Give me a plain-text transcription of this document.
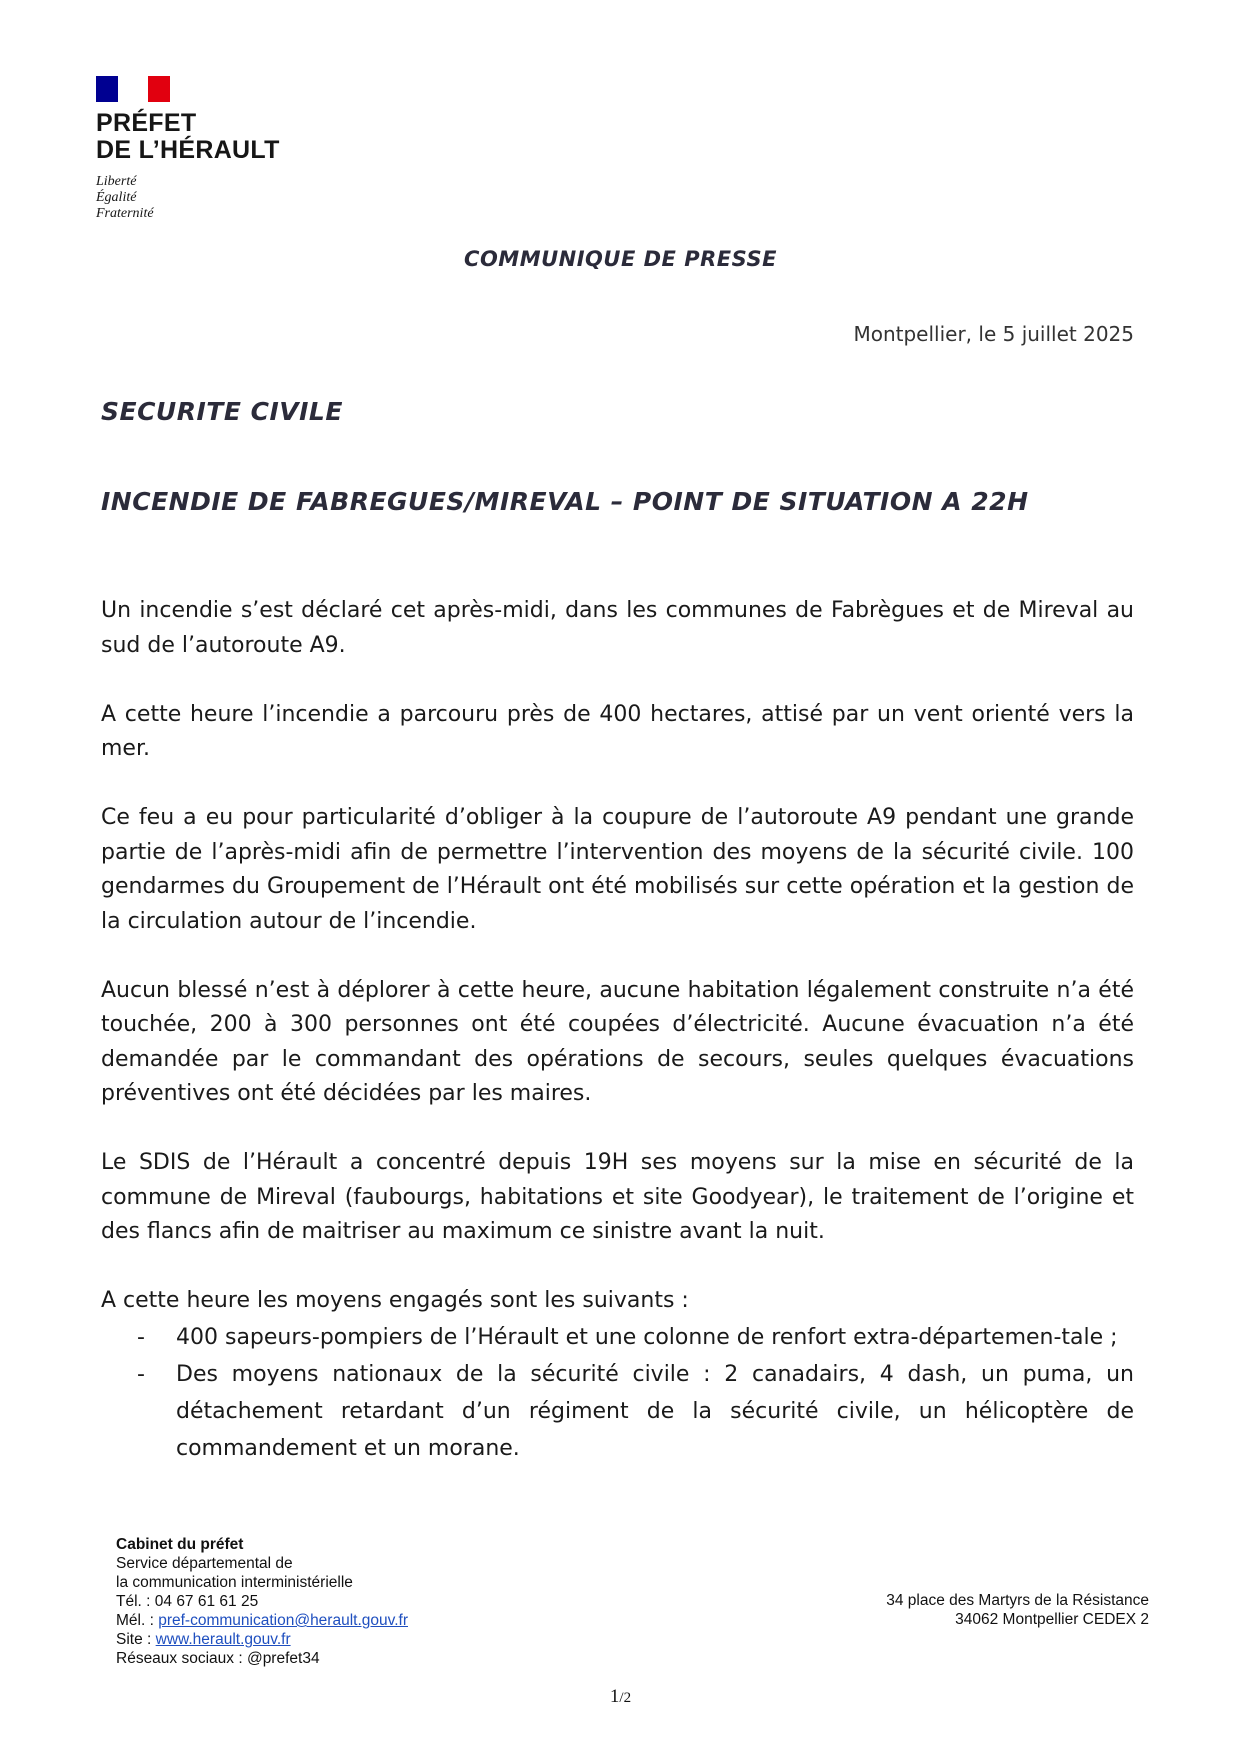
PRÉFET
DE L’HÉRAULT
Liberté
Égalité
Fraternité
COMMUNIQUE DE PRESSE
Montpellier, le 5 juillet 2025
SECURITE CIVILE
INCENDIE DE FABREGUES/MIREVAL – POINT DE SITUATION A 22H

Un incendie s’est déclaré cet après-midi, dans les communes de Fabrègues et de Mireval au sud de l’autoroute A9.

A cette heure l’incendie a parcouru près de 400 hectares, attisé par un vent orienté vers la mer.

Ce feu a eu pour particularité d’obliger à la coupure de l’autoroute A9 pendant une grande partie de l’après-midi afin de permettre l’intervention des moyens de la sécurité civile. 100 gendarmes du Groupement de l’Hérault ont été mobilisés sur cette opération et la gestion de la circulation autour de l’incendie.

Aucun blessé n’est à déplorer à cette heure, aucune habitation légalement construite n’a été touchée, 200 à 300 personnes ont été coupées d’électricité. Aucune évacuation n’a été demandée par le commandant des opérations de secours, seules quelques évacuations préventives ont été décidées par les maires.

Le SDIS de l’Hérault a concentré depuis 19H ses moyens sur la mise en sécurité de la commune de Mireval (faubourgs, habitations et site Goodyear), le traitement de l’origine et des flancs afin de maitriser au maximum ce sinistre avant la nuit.

A cette heure les moyens engagés sont les suivants :

- 400 sapeurs-pompiers de l’Hérault et une colonne de renfort extra-départemen-tale ;
- Des moyens nationaux de la sécurité civile : 2 canadairs, 4 dash, un puma, un détachement retardant d’un régiment de la sécurité civile, un hélicoptère de commandement et un morane.
Cabinet du préfet
Service départemental de
la communication interministérielle
Tél. : 04 67 61 61 25
Mél. : pref-communication@herault.gouv.fr
Site : www.herault.gouv.fr
Réseaux sociaux : @prefet34
34 place des Martyrs de la Résistance
34062 Montpellier CEDEX 2
1/2
